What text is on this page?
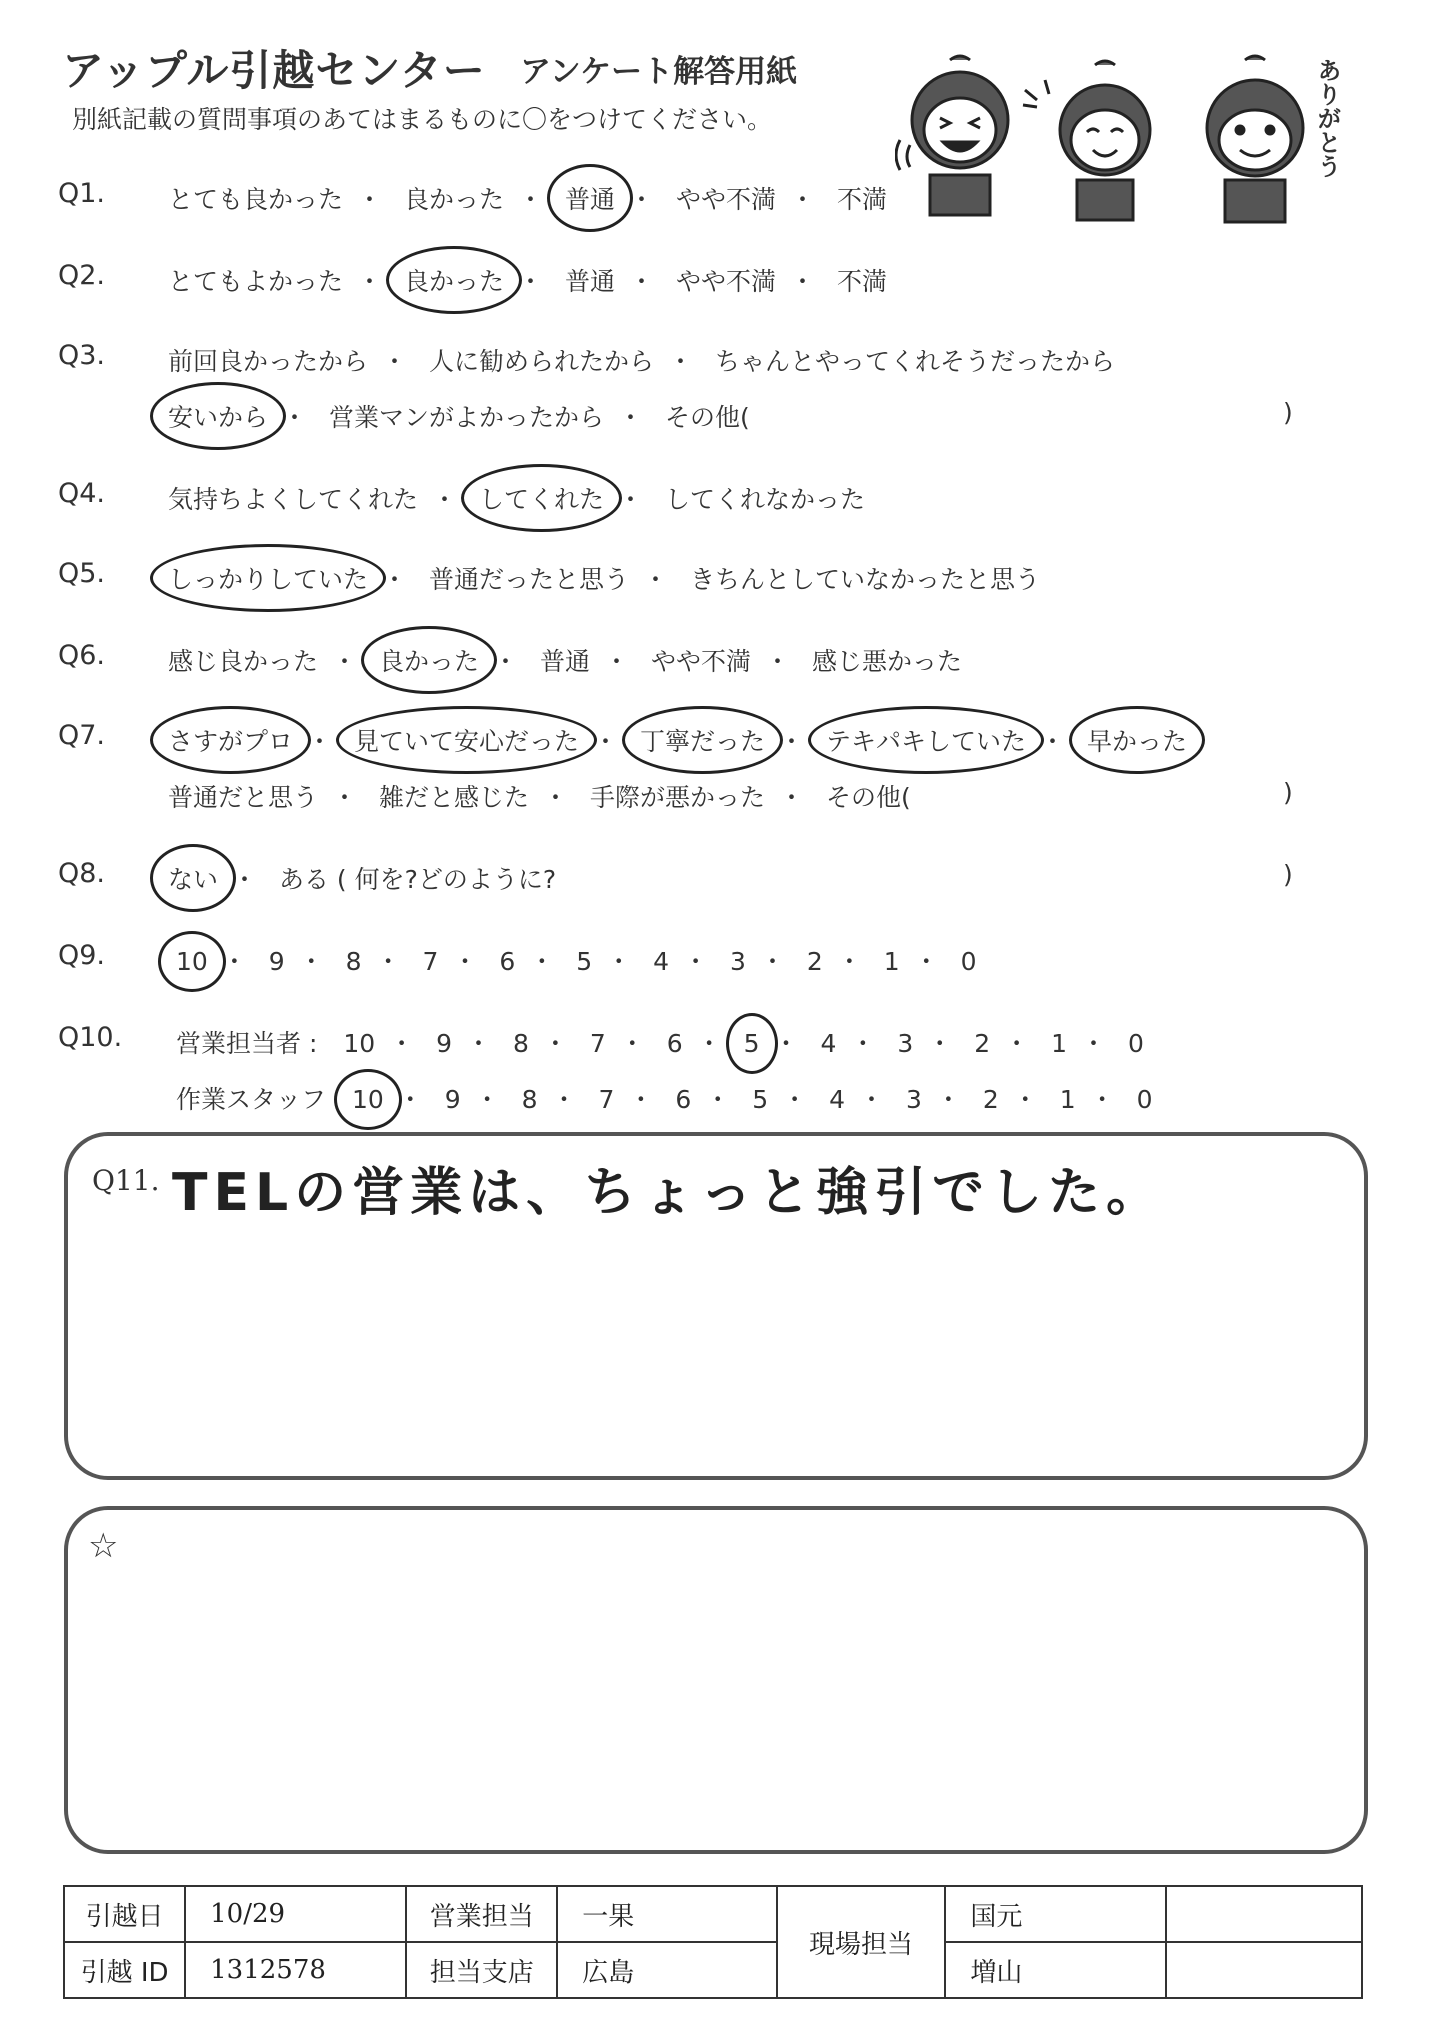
アップル引越センター アンケート解答用紙
別紙記載の質問事項のあてはまるものに〇をつけてください。	ありがとう
Q1.	とても良かった ・ 良かった ・ 普通 ・ やや不満 ・ 不満
Q2.	とてもよかった ・ 良かった ・ 普通 ・ やや不満 ・ 不満
Q3.	前回良かったから ・ 人に勧められたから ・ ちゃんとやってくれそうだったから
安いから ・ 営業マンがよかったから ・ その他(	)
Q4.	気持ちよくしてくれた ・ してくれた ・ してくれなかった
Q5.	しっかりしていた ・ 普通だったと思う ・ きちんとしていなかったと思う
Q6.	感じ良かった ・ 良かった ・ 普通 ・ やや不満 ・ 感じ悪かった
Q7.	さすがプロ ・ 見ていて安心だった ・ 丁寧だった ・ テキパキしていた ・ 早かった
普通だと思う ・ 雑だと感じた ・ 手際が悪かった ・ その他(	)
Q8.	ない ・ ある ( 何を?どのように?	)
Q9.	10 ・ 9 ・ 8 ・ 7 ・ 6 ・ 5 ・ 4 ・ 3 ・ 2 ・ 1 ・ 0
Q10. 営業担当者 : 10 ・ 9 ・ 8 ・ 7 ・ 6 ・ 5 ・ 4 ・ 3 ・ 2 ・ 1 ・ 0
作業スタッフ 10 ・ 9 ・ 8 ・ 7 ・ 6 ・ 5 ・ 4 ・ 3 ・ 2 ・ 1 ・ 0
Q11. TELの営業は、ちょっと強引でした。
☆
引越日	10/29	営業担当	一果	現場担当	国元	
引越 ID	1312578	担当支店	広島		増山	
